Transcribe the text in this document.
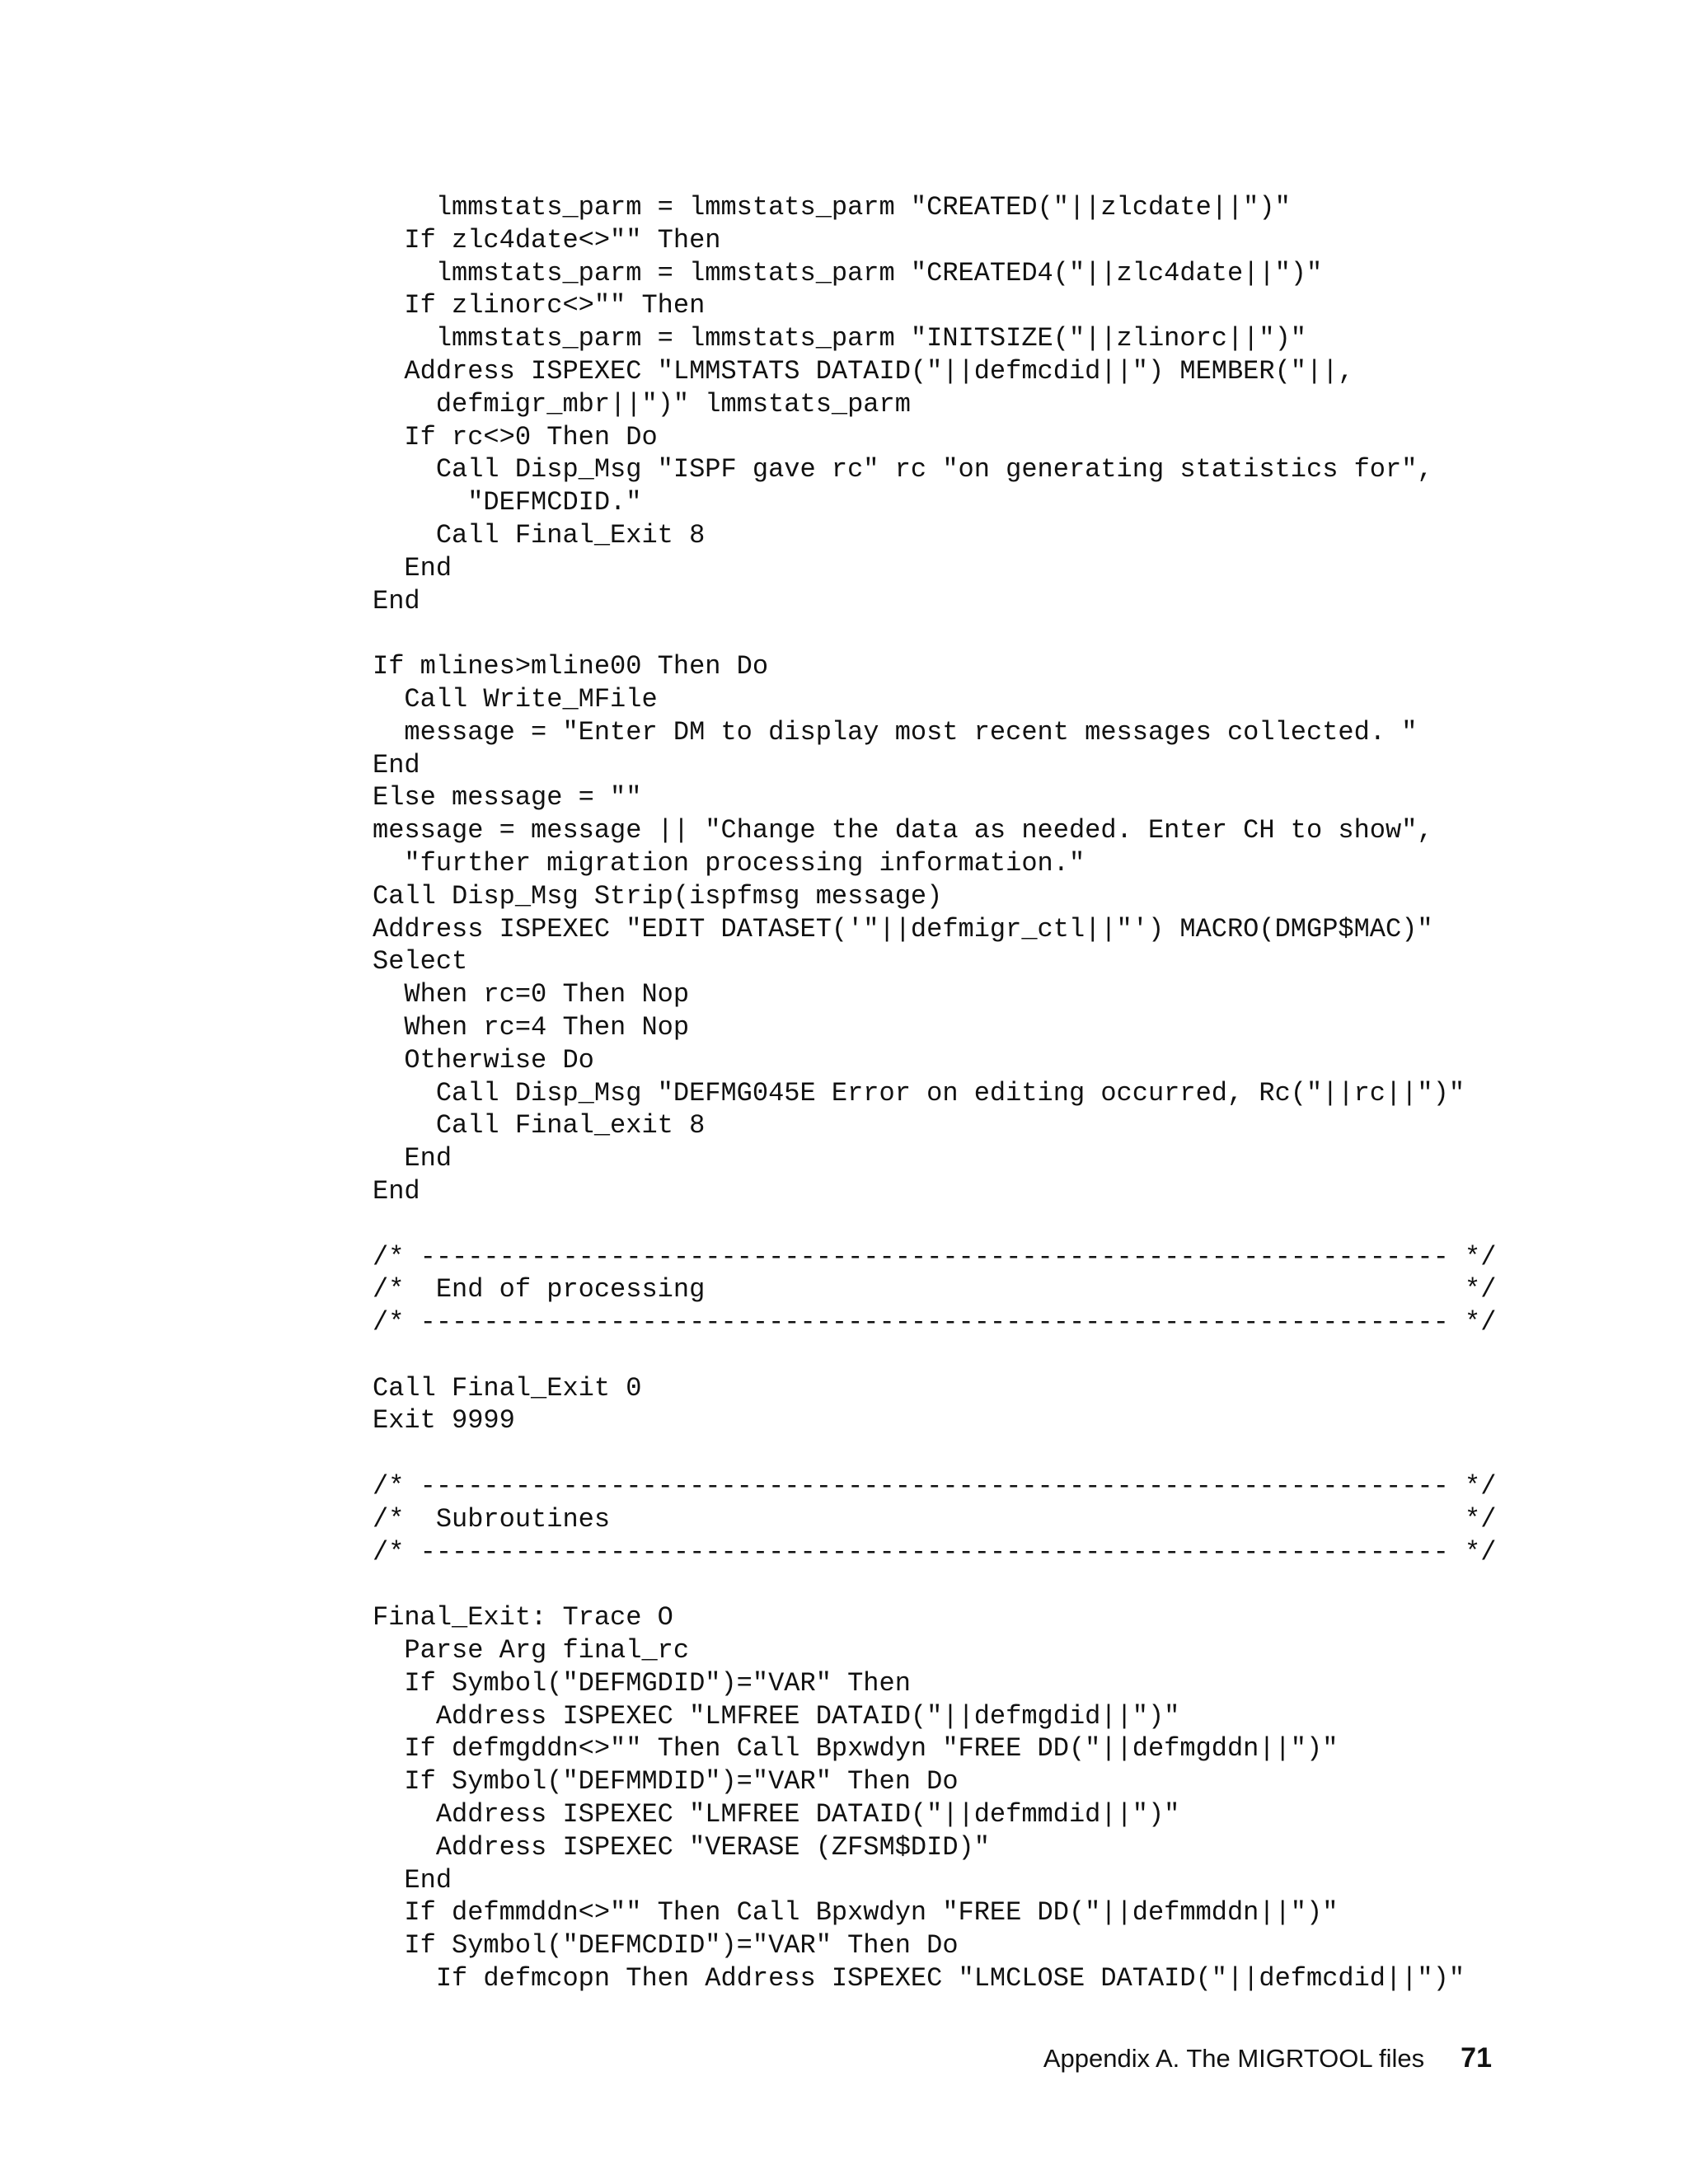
lmmstats_parm = lmmstats_parm "CREATED("||zlcdate||")"
If zlc4date<>"" Then
lmmstats_parm = lmmstats_parm "CREATED4("||zlc4date||")"
If zlinorc<>"" Then
lmmstats_parm = lmmstats_parm "INITSIZE("||zlinorc||")"
Address ISPEXEC "LMMSTATS DATAID("||defmcdid||") MEMBER("||,
defmigr_mbr||")" lmmstats_parm
If rc<>0 Then Do
Call Disp_Msg "ISPF gave rc" rc "on generating statistics for",
"DEFMCDID."
Call Final_Exit 8
End
End
If mlines>mline00 Then Do
Call Write_MFile
message = "Enter DM to display most recent messages collected. "
End
Else message = ""
message = message || "Change the data as needed. Enter CH to show",
"further migration processing information."
Call Disp_Msg Strip(ispfmsg message)
Address ISPEXEC "EDIT DATASET('"||defmigr_ctl||"') MACRO(DMGP$MAC)"
Select
When rc=0 Then Nop
When rc=4 Then Nop
Otherwise Do
Call Disp_Msg "DEFMG045E Error on editing occurred, Rc("||rc||")"
Call Final_exit 8
End
End
/* ----------------------------------------------------------------- */
/*  End of processing                                                */
/* ----------------------------------------------------------------- */
Call Final_Exit 0
Exit 9999
/* ----------------------------------------------------------------- */
/*  Subroutines                                                      */
/* ----------------------------------------------------------------- */
Final_Exit: Trace O
Parse Arg final_rc
If Symbol("DEFMGDID")="VAR" Then
Address ISPEXEC "LMFREE DATAID("||defmgdid||")"
If defmgddn<>"" Then Call Bpxwdyn "FREE DD("||defmgddn||")"
If Symbol("DEFMMDID")="VAR" Then Do
Address ISPEXEC "LMFREE DATAID("||defmmdid||")"
Address ISPEXEC "VERASE (ZFSM$DID)"
End
If defmmddn<>"" Then Call Bpxwdyn "FREE DD("||defmmddn||")"
If Symbol("DEFMCDID")="VAR" Then Do
If defmcopn Then Address ISPEXEC "LMCLOSE DATAID("||defmcdid||")"
Appendix A. The MIGRTOOL files 71
